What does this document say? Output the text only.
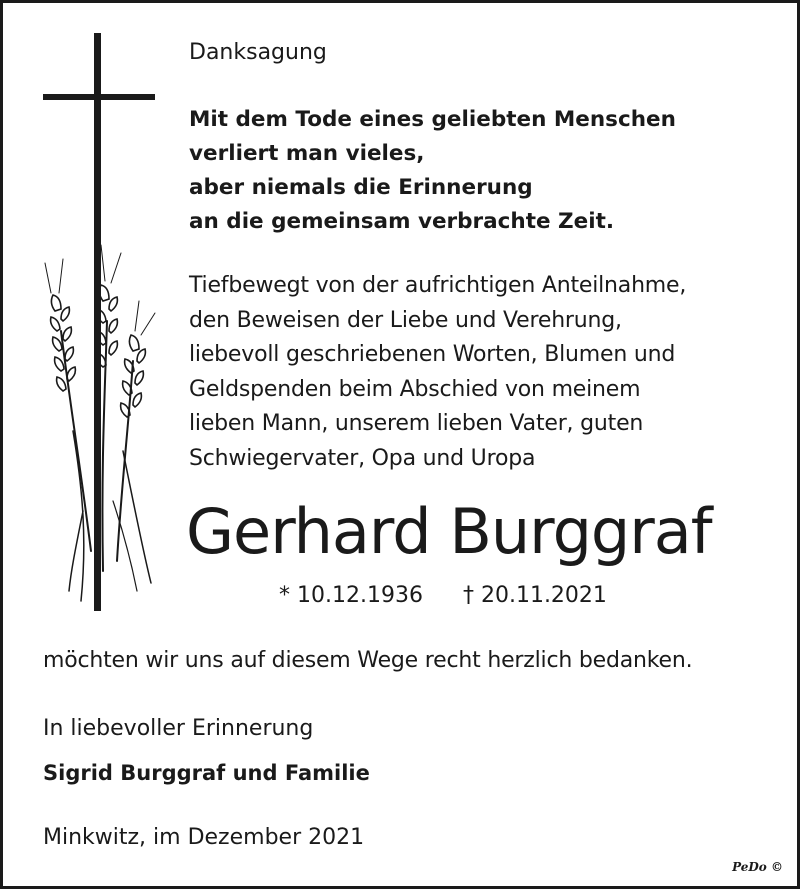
Danksagung
Mit dem Tode eines geliebten Menschen
verliert man vieles,
aber niemals die Erinnerung
an die gemeinsam verbrachte Zeit.
Tiefbewegt von der aufrichtigen Anteilnahme,
den Beweisen der Liebe und Verehrung,
liebevoll geschriebenen Worten, Blumen und
Geldspenden beim Abschied von meinem
lieben Mann, unserem lieben Vater, guten
Schwiegervater, Opa und Uropa
Gerhard Burggraf
* 10.12.1936 † 20.11.2021
möchten wir uns auf diesem Wege recht herzlich bedanken.
In liebevoller Erinnerung
Sigrid Burggraf und Familie
Minkwitz, im Dezember 2021
PeDo ©
